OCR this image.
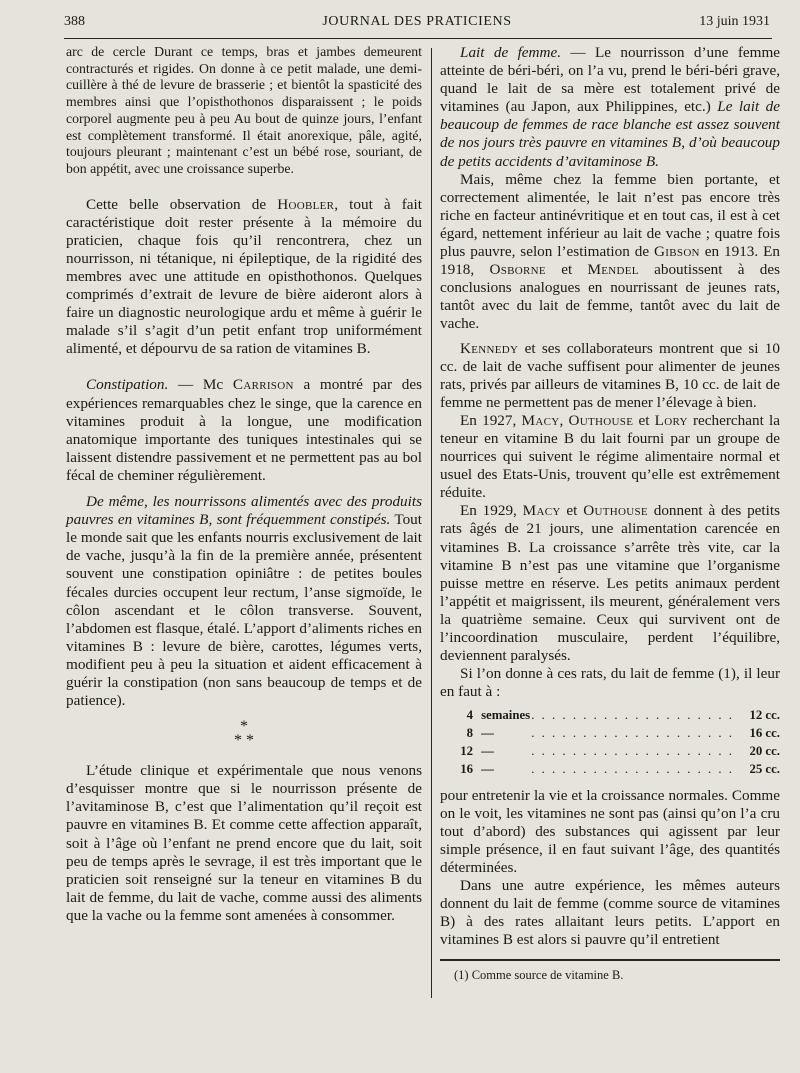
388	JOURNAL DES PRATICIENS	13 juin 1931

arc de cercle Durant ce temps, bras et jambes demeurent contracturés et rigides. On donne à ce petit malade, une demi-cuillère à thé de levure de brasserie ; et bientôt la spasticité des membres ainsi que l’opisthothonos disparaissent ; le poids corporel augmente peu à peu Au bout de quinze jours, l’enfant est complètement transformé. Il était anorexique, pâle, agité, toujours pleurant ; maintenant c’est un bébé rose, souriant, de bon appétit, avec une croissance superbe.

Cette belle observation de Hoobler, tout à fait caractéristique doit rester présente à la mémoire du praticien, chaque fois qu’il rencontrera, chez un nourrisson, ni tétanique, ni épileptique, de la rigidité des membres avec une attitude en opisthothonos. Quelques comprimés d’extrait de levure de bière aideront alors à faire un diagnostic neurologique ardu et même à guérir le malade s’il s’agit d’un petit enfant trop uniformément alimenté, et dépourvu de sa ration de vitamines B.

Constipation. — Mc Carrison a montré par des expériences remarquables chez le singe, que la carence en vitamines produit à la longue, une modification anatomique importante des tuniques intestinales qui se laissent distendre passivement et ne permettent pas au bol fécal de cheminer régulièrement.

De même, les nourrissons alimentés avec des produits pauvres en vitamines B, sont fréquemment constipés. Tout le monde sait que les enfants nourris exclusivement de lait de vache, jusqu’à la fin de la première année, présentent souvent une constipation opiniâtre : de petites boules fécales durcies occupent leur rectum, l’anse sigmoïde, le côlon ascendant et le côlon transverse. Souvent, l’abdomen est flasque, étalé. L’apport d’aliments riches en vitamines B : levure de bière, carottes, légumes verts, modifient peu à peu la situation et aident efficacement à guérir la constipation (non sans beaucoup de temps et de patience).

*
* *

L’étude clinique et expérimentale que nous venons d’esquisser montre que si le nourrisson présente de l’avitaminose B, c’est que l’alimentation qu’il reçoit est pauvre en vitamines B. Et comme cette affection apparaît, soit à l’âge où l’enfant ne prend encore que du lait, soit peu de temps après le sevrage, il est très important que le praticien soit renseigné sur la teneur en vitamines B du lait de femme, du lait de vache, comme aussi des aliments que la vache ou la femme sont amenées à consommer.

Lait de femme. — Le nourrisson d’une femme atteinte de béri-béri, on l’a vu, prend le béri-béri grave, quand le lait de sa mère est totalement privé de vitamines (au Japon, aux Philippines, etc.) Le lait de beaucoup de femmes de race blanche est assez souvent de nos jours très pauvre en vitamines B, d’où beaucoup de petits accidents d’avitaminose B.

Mais, même chez la femme bien portante, et correctement alimentée, le lait n’est pas encore très riche en facteur antinévritique et en tout cas, il est à cet égard, nettement inférieur au lait de vache ; quatre fois plus pauvre, selon l’estimation de Gibson en 1913. En 1918, Osborne et Mendel aboutissent à des conclusions analogues en nourrissant de jeunes rats, tantôt avec du lait de femme, tantôt avec du lait de vache.

Kennedy et ses collaborateurs montrent que si 10 cc. de lait de vache suffisent pour alimenter de jeunes rats, privés par ailleurs de vitamines B, 10 cc. de lait de femme ne permettent pas de mener l’élevage à bien.

En 1927, Macy, Outhouse et Lory recherchant la teneur en vitamine B du lait fourni par un groupe de nourrices qui suivent le régime alimentaire normal et usuel des Etats-Unis, trouvent qu’elle est extrêmement réduite.

En 1929, Macy et Outhouse donnent à des petits rats âgés de 21 jours, une alimentation carencée en vitamines B. La croissance s’arrête très vite, car la vitamine B n’est pas une vitamine que l’organisme puisse mettre en réserve. Les petits animaux perdent l’appétit et maigrissent, ils meurent, généralement vers la quatrième semaine. Ceux qui survivent ont de l’incoordination musculaire, perdent l’équilibre, deviennent paralysés.

Si l’on donne à ces rats, du lait de femme (1), il leur en faut à :

4 semaines . . . . . . . . . . . . . . . . . . . .	12 cc.
8 —	. . . . . . . . . . . . . . . . . . . .	16 cc.
12 —	. . . . . . . . . . . . . . . . . . . .	20 cc.
16 —	. . . . . . . . . . . . . . . . . . . .	25 cc.

pour entretenir la vie et la croissance normales. Comme on le voit, les vitamines ne sont pas (ainsi qu’on l’a cru tout d’abord) des substances qui agissent par leur simple présence, il en faut suivant l’âge, des quantités déterminées.

Dans une autre expérience, les mêmes auteurs donnent du lait de femme (comme source de vitamines B) à des rates allaitant leurs petits. L’apport en vitamines B est alors si pauvre qu’il entretient

(1) Comme source de vitamine B.
